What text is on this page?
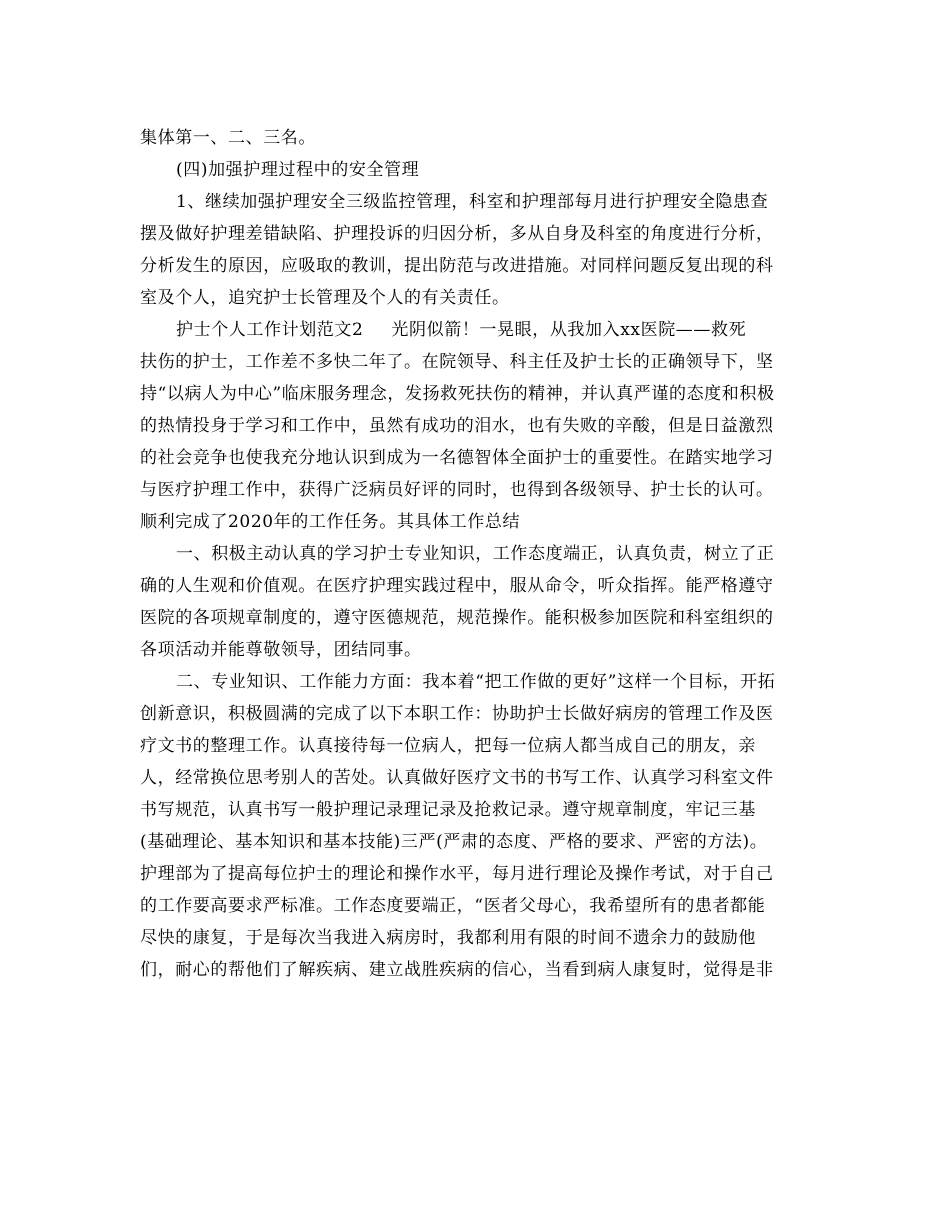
集体第一、二、三名。
(四)加强护理过程中的安全管理
1、继续加强护理安全三级监控管理，科室和护理部每月进行护理安全隐患查
摆及做好护理差错缺陷、护理投诉的归因分析，多从自身及科室的角度进行分析，
分析发生的原因，应吸取的教训，提出防范与改进措施。对同样问题反复出现的科
室及个人，追究护士长管理及个人的有关责任。
护士个人工作计划范文2 光阴似箭！一晃眼，从我加入xx医院——救死
扶伤的护士，工作差不多快二年了。在院领导、科主任及护士长的正确领导下，坚
持“以病人为中心”临床服务理念，发扬救死扶伤的精神，并认真严谨的态度和积极
的热情投身于学习和工作中，虽然有成功的泪水，也有失败的辛酸，但是日益激烈
的社会竞争也使我充分地认识到成为一名德智体全面护士的重要性。在踏实地学习
与医疗护理工作中，获得广泛病员好评的同时，也得到各级领导、护士长的认可。
顺利完成了2020年的工作任务。其具体工作总结
一、积极主动认真的学习护士专业知识，工作态度端正，认真负责，树立了正
确的人生观和价值观。在医疗护理实践过程中，服从命令，听众指挥。能严格遵守
医院的各项规章制度的，遵守医德规范，规范操作。能积极参加医院和科室组织的
各项活动并能尊敬领导，团结同事。
二、专业知识、工作能力方面：我本着“把工作做的更好”这样一个目标，开拓
创新意识，积极圆满的完成了以下本职工作：协助护士长做好病房的管理工作及医
疗文书的整理工作。认真接待每一位病人，把每一位病人都当成自己的朋友，亲
人，经常换位思考别人的苦处。认真做好医疗文书的书写工作、认真学习科室文件
书写规范，认真书写一般护理记录理记录及抢救记录。遵守规章制度，牢记三基
(基础理论、基本知识和基本技能)三严(严肃的态度、严格的要求、严密的方法)。
护理部为了提高每位护士的理论和操作水平，每月进行理论及操作考试，对于自己
的工作要高要求严标准。工作态度要端正，“医者父母心，我希望所有的患者都能
尽快的康复，于是每次当我进入病房时，我都利用有限的时间不遗余力的鼓励他
们，耐心的帮他们了解疾病、建立战胜疾病的信心，当看到病人康复时，觉得是非
